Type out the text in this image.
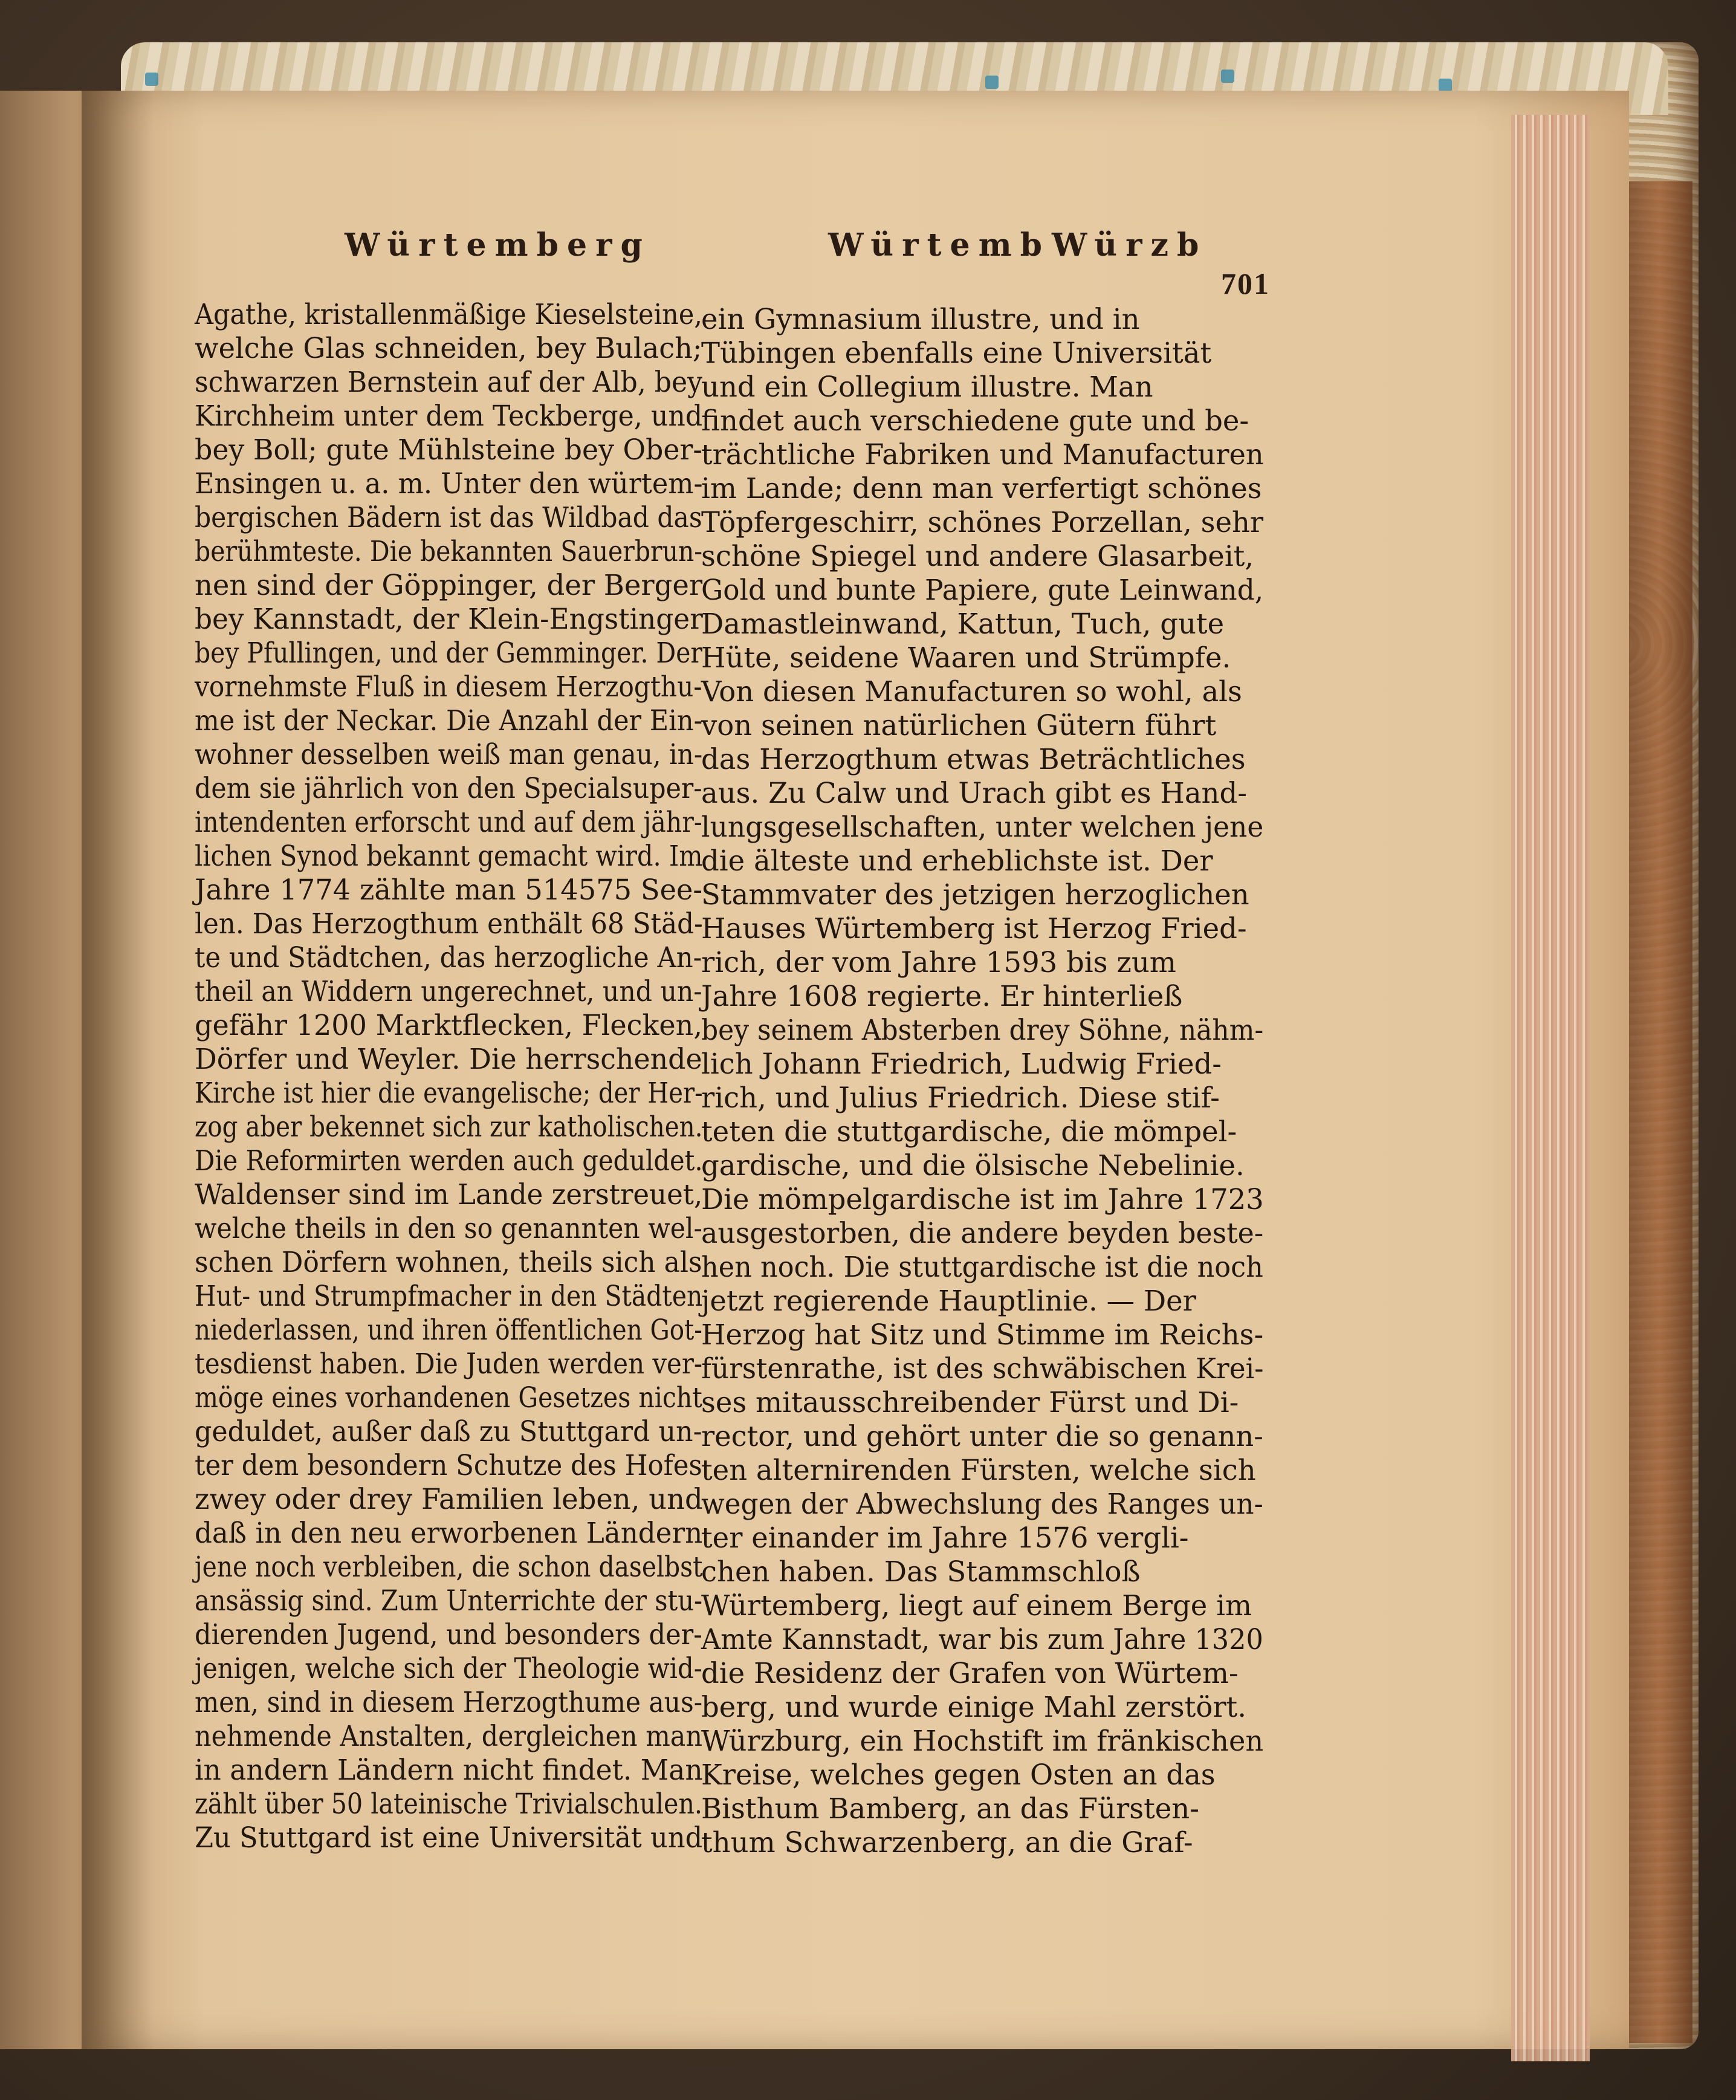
Würtemberg	Würtemb Würzb
701
Agathe, kristallenmäßige Kieselsteine,
welche Glas schneiden, bey Bulach;
schwarzen Bernstein auf der Alb, bey
Kirchheim unter dem Teckberge, und
bey Boll; gute Mühlsteine bey Ober-
Ensingen u. a. m. Unter den würtem-
bergischen Bädern ist das Wildbad das
berühmteste. Die bekannten Sauerbrun-
nen sind der Göppinger, der Berger
bey Kannstadt, der Klein-Engstinger
bey Pfullingen, und der Gemminger. Der
vornehmste Fluß in diesem Herzogthu-
me ist der Neckar. Die Anzahl der Ein-
wohner desselben weiß man genau, in-
dem sie jährlich von den Specialsuper-
intendenten erforscht und auf dem jähr-
lichen Synod bekannt gemacht wird. Im
Jahre 1774 zählte man 514575 See-
len. Das Herzogthum enthält 68 Städ-
te und Städtchen, das herzogliche An-
theil an Widdern ungerechnet, und un-
gefähr 1200 Marktflecken, Flecken,
Dörfer und Weyler. Die herrschende
Kirche ist hier die evangelische; der Her-
zog aber bekennet sich zur katholischen.
Die Reformirten werden auch geduldet.
Waldenser sind im Lande zerstreuet,
welche theils in den so genannten wel-
schen Dörfern wohnen, theils sich als
Hut- und Strumpfmacher in den Städten
niederlassen, und ihren öffentlichen Got-
tesdienst haben. Die Juden werden ver-
möge eines vorhandenen Gesetzes nicht
geduldet, außer daß zu Stuttgard un-
ter dem besondern Schutze des Hofes
zwey oder drey Familien leben, und
daß in den neu erworbenen Ländern
jene noch verbleiben, die schon daselbst
ansässig sind. Zum Unterrichte der stu-
dierenden Jugend, und besonders der-
jenigen, welche sich der Theologie wid-
men, sind in diesem Herzogthume aus-
nehmende Anstalten, dergleichen man
in andern Ländern nicht findet. Man
zählt über 50 lateinische Trivialschulen.
Zu Stuttgard ist eine Universität und
ein Gymnasium illustre, und in
Tübingen ebenfalls eine Universität
und ein Collegium illustre. Man
findet auch verschiedene gute und be-
trächtliche Fabriken und Manufacturen
im Lande; denn man verfertigt schönes
Töpfergeschirr, schönes Porzellan, sehr
schöne Spiegel und andere Glasarbeit,
Gold und bunte Papiere, gute Leinwand,
Damastleinwand, Kattun, Tuch, gute
Hüte, seidene Waaren und Strümpfe.
Von diesen Manufacturen so wohl, als
von seinen natürlichen Gütern führt
das Herzogthum etwas Beträchtliches
aus. Zu Calw und Urach gibt es Hand-
lungsgesellschaften, unter welchen jene
die älteste und erheblichste ist. Der
Stammvater des jetzigen herzoglichen
Hauses Würtemberg ist Herzog Fried-
rich, der vom Jahre 1593 bis zum
Jahre 1608 regierte. Er hinterließ
bey seinem Absterben drey Söhne, nähm-
lich Johann Friedrich, Ludwig Fried-
rich, und Julius Friedrich. Diese stif-
teten die stuttgardische, die mömpel-
gardische, und die ölsische Nebelinie.
Die mömpelgardische ist im Jahre 1723
ausgestorben, die andere beyden beste-
hen noch. Die stuttgardische ist die noch
jetzt regierende Hauptlinie. — Der
Herzog hat Sitz und Stimme im Reichs-
fürstenrathe, ist des schwäbischen Krei-
ses mitausschreibender Fürst und Di-
rector, und gehört unter die so genann-
ten alternirenden Fürsten, welche sich
wegen der Abwechslung des Ranges un-
ter einander im Jahre 1576 vergli-
chen haben. Das Stammschloß
Würtemberg, liegt auf einem Berge im
Amte Kannstadt, war bis zum Jahre 1320
die Residenz der Grafen von Würtem-
berg, und wurde einige Mahl zerstört.
Würzburg, ein Hochstift im fränkischen
Kreise, welches gegen Osten an das
Bisthum Bamberg, an das Fürsten-
thum Schwarzenberg, an die Graf-
